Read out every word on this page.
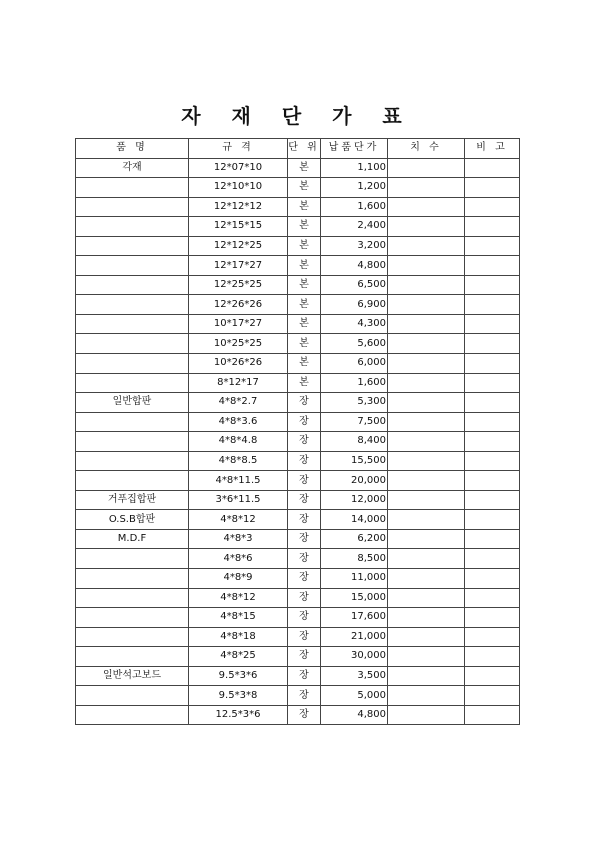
자 재 단 가 표
품 명	규 격	단 위	납품단가	치 수	비 고
각재	12*07*10	본	1,100		
	12*10*10	본	1,200		
	12*12*12	본	1,600		
	12*15*15	본	2,400		
	12*12*25	본	3,200		
	12*17*27	본	4,800		
	12*25*25	본	6,500		
	12*26*26	본	6,900		
	10*17*27	본	4,300		
	10*25*25	본	5,600		
	10*26*26	본	6,000		
	8*12*17	본	1,600		
일반합판	4*8*2.7	장	5,300		
	4*8*3.6	장	7,500		
	4*8*4.8	장	8,400		
	4*8*8.5	장	15,500		
	4*8*11.5	장	20,000		
거푸집합판	3*6*11.5	장	12,000		
O.S.B합판	4*8*12	장	14,000		
M.D.F	4*8*3	장	6,200		
	4*8*6	장	8,500		
	4*8*9	장	11,000		
	4*8*12	장	15,000		
	4*8*15	장	17,600		
	4*8*18	장	21,000		
	4*8*25	장	30,000		
일반석고보드	9.5*3*6	장	3,500		
	9.5*3*8	장	5,000		
	12.5*3*6	장	4,800		
